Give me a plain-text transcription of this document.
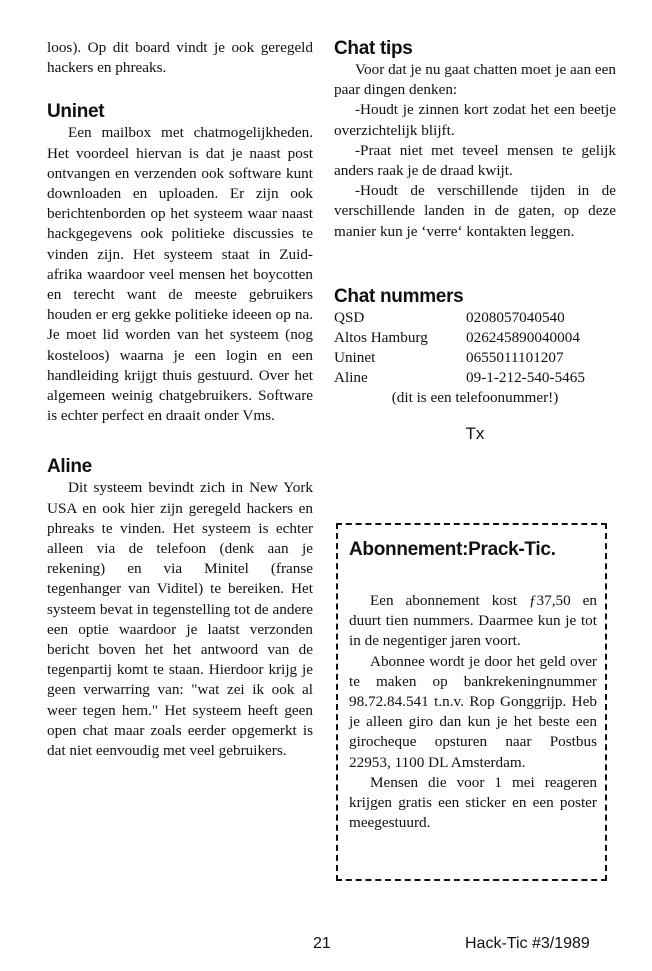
loos). Op dit board vindt je ook geregeld hackers en phreaks.

Uninet

Een mailbox met chatmogelijkheden. Het voordeel hiervan is dat je naast post ontvangen en verzenden ook software kunt downloaden en uploaden. Er zijn ook berichtenborden op het systeem waar naast hackgegevens ook politieke discussies te vinden zijn. Het systeem staat in Zuid-afrika waardoor veel mensen het boycotten en terecht want de meeste gebruikers houden er erg gekke politieke ideeen op na. Je moet lid worden van het systeem (nog kosteloos) waarna je een login en een handleiding krijgt thuis gestuurd. Over het algemeen weinig chatgebruikers. Software is echter perfect en draait onder Vms.

Aline

Dit systeem bevindt zich in New York USA en ook hier zijn geregeld hackers en phreaks te vinden. Het systeem is echter alleen via de telefoon (denk aan je rekening) en via Minitel (franse tegenhanger van Viditel) te bereiken. Het systeem bevat in tegenstelling tot de andere een optie waardoor je laatst verzonden bericht boven het het antwoord van de tegenpartij komt te staan. Hierdoor krijg je geen verwarring van: "wat zei ik ook al weer tegen hem." Het systeem heeft geen open chat maar zoals eerder opgemerkt is dat niet eenvoudig met veel gebruikers.

Chat tips

Voor dat je nu gaat chatten moet je aan een paar dingen denken:

-Houdt je zinnen kort zodat het een beetje overzichtelijk blijft.

-Praat niet met teveel mensen te gelijk anders raak je de draad kwijt.

-Houdt de verschillende tijden in de verschillende landen in de gaten, op deze manier kun je ‘verre‘ kontakten leggen.

Chat nummers
QSD	0208057040540
Altos Hamburg	026245890040004
Uninet	0655011101207
Aline	09-1-212-540-5465

(dit is een telefoonummer!)

Tx
Abonnement:Prack-Tic.

Een abonnement kost ƒ37,50 en duurt tien nummers. Daarmee kun je tot in de negentiger jaren voort.

Abonnee wordt je door het geld over te maken op bankrekeningnummer 98.72.84.541 t.n.v. Rop Gonggrijp. Heb je alleen giro dan kun je het beste een girocheque opsturen naar Postbus 22953, 1100 DL Amsterdam.

Mensen die voor 1 mei reageren krijgen gratis een sticker en een poster meegestuurd.

21	Hack-Tic #3/1989
